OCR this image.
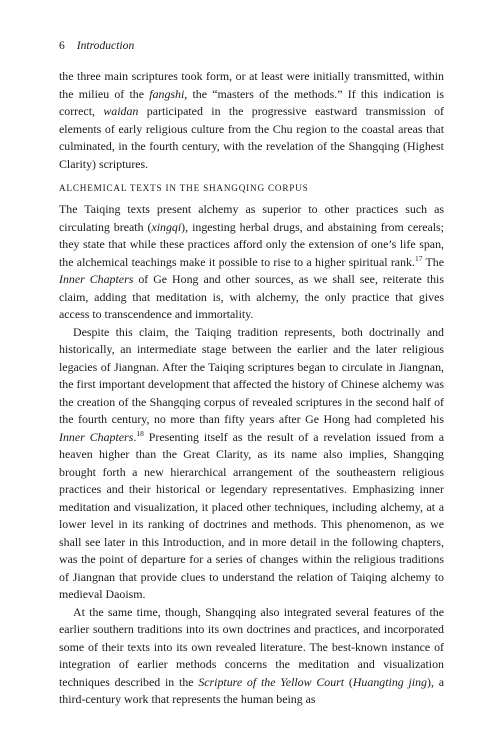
6 Introduction

the three main scriptures took form, or at least were initially transmitted, within the milieu of the fangshi, the “masters of the methods.” If this indication is correct, waidan participated in the progressive eastward transmission of elements of early religious culture from the Chu region to the coastal areas that culminated, in the fourth century, with the revelation of the Shangqing (Highest Clarity) scriptures.

ALCHEMICAL TEXTS IN THE SHANGQING CORPUS

The Taiqing texts present alchemy as superior to other practices such as circulating breath (xingqi), ingesting herbal drugs, and abstaining from cereals; they state that while these practices afford only the extension of one’s life span, the alchemical teachings make it possible to rise to a higher spiritual rank.$^{17}$ The Inner Chapters of Ge Hong and other sources, as we shall see, reiterate this claim, adding that meditation is, with alchemy, the only practice that gives access to transcendence and immortality.

Despite this claim, the Taiqing tradition represents, both doctrinally and historically, an intermediate stage between the earlier and the later religious legacies of Jiangnan. After the Taiqing scriptures began to circulate in Jiangnan, the first important development that affected the history of Chinese alchemy was the creation of the Shangqing corpus of revealed scriptures in the second half of the fourth century, no more than fifty years after Ge Hong had completed his Inner Chapters.$^{18}$ Presenting itself as the result of a revelation issued from a heaven higher than the Great Clarity, as its name also implies, Shangqing brought forth a new hierarchical arrangement of the southeastern religious practices and their historical or legendary representatives. Emphasizing inner meditation and visualization, it placed other techniques, including alchemy, at a lower level in its ranking of doctrines and methods. This phenomenon, as we shall see later in this Introduction, and in more detail in the following chapters, was the point of departure for a series of changes within the religious traditions of Jiangnan that provide clues to understand the relation of Taiqing alchemy to medieval Daoism.

At the same time, though, Shangqing also integrated several features of the earlier southern traditions into its own doctrines and practices, and incorporated some of their texts into its own revealed literature. The best-known instance of integration of earlier methods concerns the meditation and visualization techniques described in the Scripture of the Yellow Court (Huangting jing), a third-century work that represents the human being as
